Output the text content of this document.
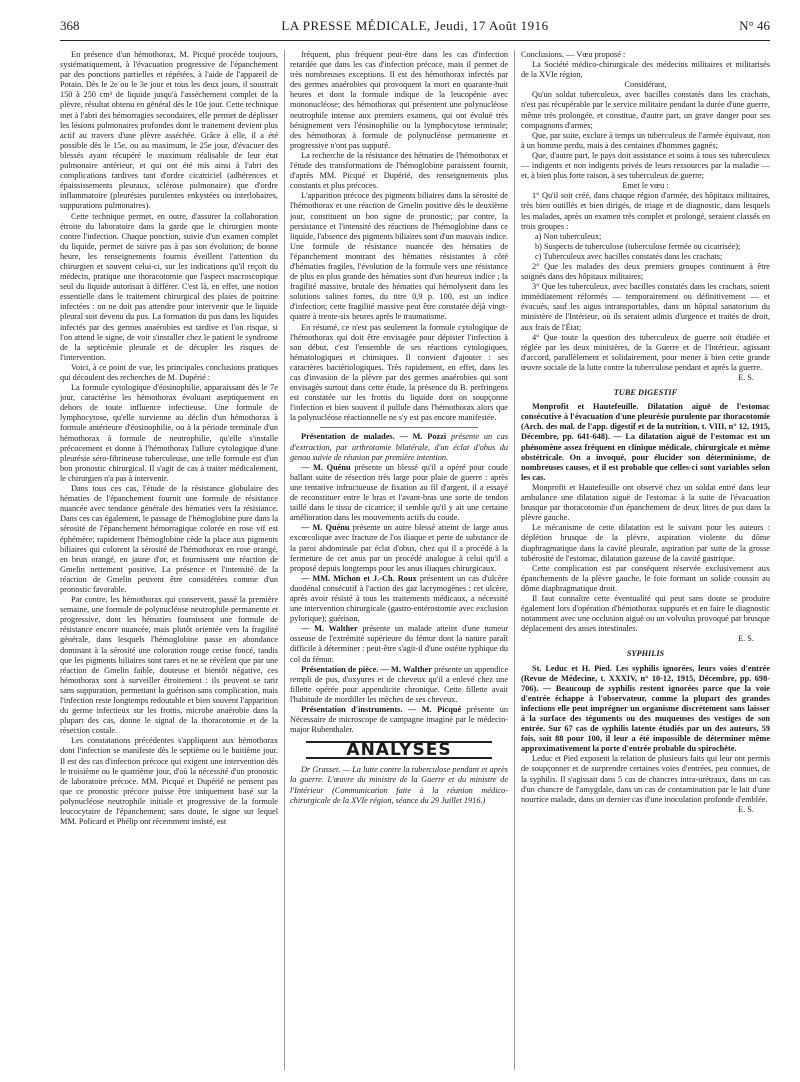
368	LA PRESSE MÉDICALE, Jeudi, 17 Août 1916	N° 46

En présence d'un hémothorax, M. Picqué procède toujours, systématiquement, à l'évacuation progressive de l'épanchement par des ponctions partielles et répétées, à l'aide de l'appareil de Potain. Dès le 2e ou le 3e jour et tous les deux jours, il soustrait 150 à 250 cm³ de liquide jusqu'à l'assèchement complet de la plèvre, résultat obtenu en général dès le 10e jour. Cette technique met à l'abri des hémorragies secondaires, elle permet de déplisser les lésions pulmonaires profondes dont le traitement devient plus actif au travers d'une plèvre asséchée. Grâce à elle, il a été possible dès le 15e, ou au maximum, le 25e jour, d'évacuer des blessés ayant récupéré le maximum réalisable de leur état pulmonaire antérieur, et qui ont été mis ainsi à l'abri des complications tardives tant d'ordre cicatriciel (adhérences et épaississements pleuraux, sclérose pulmonaire) que d'ordre inflammatoire (pleurésies purulentes enkystées ou interlobaires, suppurations pulmonaires).

Cette technique permet, en outre, d'assurer la collaboration étroite du laboratoire dans la garde que le chirurgien monte contre l'infection. Chaque ponction, suivie d'un examen complet du liquide, permet de suivre pas à pas son évolution; de bonne heure, les renseignements fournis éveillent l'attention du chirurgien et souvent celui-ci, sur les indications qu'il reçoit du médecin, pratique une thoracotomie que l'aspect macroscopique seul du liquide autorisait à différer. C'est là, en effet, une notion essentielle dans le traitement chirurgical des plaies de poitrine infectées : on ne doit pas attendre pour intervenir que le liquide pleural soit devenu du pus. La formation du pus dans les liquides infectés par des germes anaérobies est tardive et l'on risque, si l'on attend le signe, de voir s'installer chez le patient le syndrome de la septicémie pleurale et de décupler les risques de l'intervention.

Voici, à ce point de vue, les principales conclusions pratiques qui découlent des recherches de M. Dupérié :

La formule cytologique d'éosinophilie, apparaissant dès le 7e jour, caractérise les hémothorax évoluant aseptiquement en dehors de toute influence infectieuse. Une formule de lymphocytose, qu'elle survienne au déclin d'un hémothorax à formule antérieure d'éosinophilie, ou à la période terminale d'un hémothorax à formule de neutrophilie, qu'elle s'installe précocement et donne à l'hémothorax l'allure cytologique d'une pleurésie séro-fibrineuse tuberculeuse, une telle formule est d'un bon pronostic chirurgical. Il s'agit de cas à traiter médicalement, le chirurgien n'a pas à intervenir.

Dans tous ces cas, l'étude de la résistance globulaire des hématies de l'épanchement fournit une formule de résistance nuancée avec tendance générale des hématies vers la résistance. Dans ces cas également, le passage de l'hémoglobine pure dans la sérosité de l'épanchement hémorragique colorée en rose vif est éphémère; rapidement l'hémoglobine cède la place aux pigments biliaires qui colorent la sérosité de l'hémothorax en rose orangé, en brun orangé, en jaune d'or, et fournissent une réaction de Gmelin nettement positive. La présence et l'intensité de la réaction de Gmelin peuvent être considérées comme d'un pronostic favorable.

Par contre, les hémothorax qui conservent, passé la première semaine, une formule de polynucléose neutrophile permanente et progressive, dont les hématies fournissent une formule de résistance encore nuancée, mais plutôt orientée vers la fragilité générale, dans lesquels l'hémoglobine passe en abondance dominant à la sérosité une coloration rouge cerise foncé, tandis que les pigments biliaires sont rares et ne se révèlent que par une réaction de Gmelin faible, douteuse et bientôt négative, ces hémothorax sont à surveiller étroitement : ils peuvent se tarir sans suppuration, permettant la guérison sans complication, mais l'infection reste longtemps redoutable et bien souvent l'apparition du germe infectieux sur les frottis, microbe anaérobie dans la plupart des cas, donne le signal de la thoracotomie et de la résection costale.

Les constatations précédentes s'appliquent aux hémothorax dont l'infection se manifeste dès le septième ou le huitième jour. Il est des cas d'infection précoce qui exigent une intervention dès le troisième ou le quatrième jour, d'où la nécessité d'un pronostic de laboratoire précoce. MM. Picqué et Dupérié ne pensent pas que ce pronostic précoce puisse être uniquement basé sur la polynucléose neutrophile initiale et progressive de la formule leucocytaire de l'épanchement; sans doute, le signe sur lequel MM. Policard et Phélip ont récemment insisté, est

fréquent, plus fréquent peut-être dans les cas d'infection retardée que dans les cas d'infection précoce, mais il permet de très nombreuses exceptions. Il est des hémothorax infectés par des germes anaérobies qui provoquent la mort en quarante-huit heures et dont la formule indique de la leucopénie avec mononucléose; des hémothorax qui présentent une polynucléose neutrophile intense aux premiers examens, qui ont évolué très bénignement vers l'éosinophilie ou la lymphocytose terminale; des hémothorax à formule de polynucléose permanente et progressive n'ont pas suppuré.

La recherche de la résistance des hématies de l'hémothorax et l'étude des transformations de l'hémoglobine paraissent fournir, d'après MM. Picqué et Dupérié, des renseignements plus constants et plus précoces.

L'apparition précoce des pigments biliaires dans la sérosité de l'hémothorax et une réaction de Gmelin positive dès le deuxième jour, constituent un bon signe de pronostic; par contre, la persistance et l'intensité des réactions de l'hémoglobine dans ce liquide, l'absence des pigments biliaires sont d'un mauvais indice. Une formule de résistance nuancée des hématies de l'épanchement montrant des hématies résistantes à côté d'hématies fragiles, l'évolution de la formule vers une résistance de plus en plus grande des hématies sont d'un heureux indice ; la fragilité massive, brutale des hématies qui hémolysent dans les solutions salines fortes, du titre 0,9 p. 100, est un indice d'infection; cette fragilité massive peut être constatée déjà vingt-quatre à trente-six heures après le traumatisme.

En résumé, ce n'est pas seulement la formule cytologique de l'hémothorax qui doit être envisagée pour dépister l'infection à son début, c'est l'ensemble de ses réactions cytologiques, hématologiques et chimiques. Il convient d'ajouter : ses caractères bactériologiques. Très rapidement, en effet, dans les cas d'invasion de la plèvre par des germes anaérobies qui sont envisagés surtout dans cette étude, la présence du B. perfringens est constatée sur les frottis du liquide dont on soupçonne l'infection et bien souvent il pullule dans l'hémothorax alors que la polynucléose réactionnelle ne s'y est pas encore manifestée.

Présentation de malades. — M. Pozzi présente un cas d'extraction, par arthrotomie bilatérale, d'un éclat d'obus du genou suivie de réunion par première intention.

— M. Quénu présente un blessé qu'il a opéré pour coude ballant suite de résection très large pour plaie de guerre : après une tentative infructueuse de fixation au fil d'argent, il a essayé de reconstituer entre le bras et l'avant-bras une sorte de tendon taillé dans le tissu de cicatrice; il semble qu'il y ait une certaine amélioration dans les mouvements actifs du coude.

— M. Quénu présente un autre blessé atteint de large anus excœcolique avec fracture de l'os iliaque et perte de substance de la paroi abdominale par éclat d'obus, chez qui il a procédé à la fermeture de cet anus par un procédé analogue à celui qu'il a proposé depuis longtemps pour les anus iliaques chirurgicaux.

— MM. Michon et J.-Ch. Roux présentent un cas d'ulcère duodénal consécutif à l'action des gaz lacrymogènes : cet ulcère, après avoir résisté à tous les traitements médicaux, a nécessité une intervention chirurgicale (gastro-entérostomie avec exclusion pylorique); guérison.

— M. Walther présente un malade atteint d'une tumeur osseuse de l'extrémité supérieure du fémur dont la nature paraît difficile à déterminer : peut-être s'agit-il d'une ostéite typhique du col du fémur.

Présentation de pièce. — M. Walther présente un appendice rempli de pus, d'oxyures et de cheveux qu'il a enlevé chez une fillette opérée pour appendicite chronique. Cette fillette avait l'habitude de mordiller les mèches de ses cheveux.

Présentation d'instruments. — M. Picqué présente un Nécessaire de microscope de campagne imaginé par le médecin-major Rubenthaler.

ANALYSES

Dr Grasset. — La lutte contre la tuberculose pendant et après la guerre. L'œuvre du ministre de la Guerre et du ministre de l'Intérieur (Communication faite à la réunion médico-chirurgicale de la XVIe région, séance du 29 Juillet 1916.)

Conclusions. — Vœu proposé :

La Société médico-chirurgicale des médecins militaires et militarisés de la XVIe région,

Considérant,

Qu'un soldat tuberculeux, avec bacilles constatés dans les crachats, n'est pas récupérable par le service militaire pendant la durée d'une guerre, même très prolongée, et constitue, d'autre part, un grave danger pour ses compagnons d'armes;

Que, par suite, exclure à temps un tuberculeux de l'armée équivaut, non à un homme perdu, mais à des centaines d'hommes gagnés;

Que, d'autre part, le pays doit assistance et soins à tous ses tuberculeux — indigents et non indigents privés de leurs ressources par la maladie — et, à bien plus forte raison, à ses tuberculeux de guerre;

Emet le vœu :

1° Qu'il soit créé, dans chaque région d'armée, des hôpitaux militaires, très bien outillés et bien dirigés, de triage et de diagnostic, dans lesquels les malades, après un examen très complet et prolongé, seraient classés en trois groupes :

a) Non tuberculeux;

b) Suspects de tuberculose (tuberculose fermée ou cicatrisée);

c) Tuberculeux avec bacilles constatés dans les crachats;

2° Que les malades des deux premiers groupes continuent à être soignés dans des hôpitaux militaires;

3° Que les tuberculeux, avec bacilles constatés dans les crachats, soient immédiatement réformés — temporairement ou définitivement — et évacués, sauf les aigus intransportables, dans un hôpital sanatorium du ministère de l'Intérieur, où ils seraient admis d'urgence et traités de droit, aux frais de l'État;

4° Que toute la question des tuberculeux de guerre soit étudiée et réglée par les deux ministères, de la Guerre et de l'Intérieur, agissant d'accord, parallèlement et solidairement, pour mener à bien cette grande œuvre sociale de la lutte contre la tuberculose pendant et après la guerre.

E. S.

TUBE DIGESTIF

Monprofit et Hautefeuille. Dilatation aiguë de l'estomac consécutive à l'évacuation d'une pleurésie purulente par thoracotomie (Arch. des mal. de l'app. digestif et de la nutrition, t. VIII, n° 12, 1915, Décembre, pp. 641-648). — La dilatation aiguë de l'estomac est un phénomène assez fréquent en clinique médicale, chirurgicale et même obstétricale. On a invoqué, pour élucider son déterminisme, de nombreuses causes, et il est probable que celles-ci sont variables selon les cas.

Monprofit et Hautefeuille ont observé chez un soldat entré dans leur ambulance une dilatation aiguë de l'estomac à la suite de l'évacuation brusque par thoracotomie d'un épanchement de deux litres de pus dans la plèvre gauche.

Le mécanisme de cette dilatation est le suivant pour les auteurs : déplétion brusque de la plèvre, aspiration violente du dôme diaphragmatique dans la cavité pleurale, aspiration par suite de la grosse tubérosité de l'estomac, dilatation gazeuse de la cavité gastrique.

Cette complication est par conséquent réservée exclusivement aux épanchements de la plèvre gauche, le foie formant un solide coussin au dôme diaphragmatique droit.

Il faut connaître cette éventualité qui peut sans doute se produire également lors d'opération d'hémothorax suppurés et en faire le diagnostic notamment avec une occlusion aiguë ou un volvulus provoqué par brusque déplacement des anses intestinales.

E. S.

SYPHILIS

St. Leduc et H. Pied. Les syphilis ignorées, leurs voies d'entrée (Revue de Médecine, t. XXXIV, n° 10-12, 1915, Décembre, pp. 698-706). — Beaucoup de syphilis restent ignorées parce que la voie d'entrée échappe à l'observateur, comme la plupart des grandes infections elle peut imprégner un organisme discrètement sans laisser à la surface des téguments ou des muqueuses des vestiges de son entrée. Sur 67 cas de syphilis latente étudiés par un des auteurs, 59 fois, soit 88 pour 100, il leur a été impossible de déterminer même approximativement la porte d'entrée probable du spirochète.

Leduc et Pied exposent la relation de plusieurs faits qui leur ont permis de soupçonner et de surprendre certaines voies d'entrées, peu connues, de la syphilis. Il s'agissait dans 5 cas de chancres intra-urétraux, dans un cas d'un chancre de l'amygdale, dans un cas de contamination par le lait d'une nourrice malade, dans un dernier cas d'une inoculation profonde d'emblée.

E. S.
